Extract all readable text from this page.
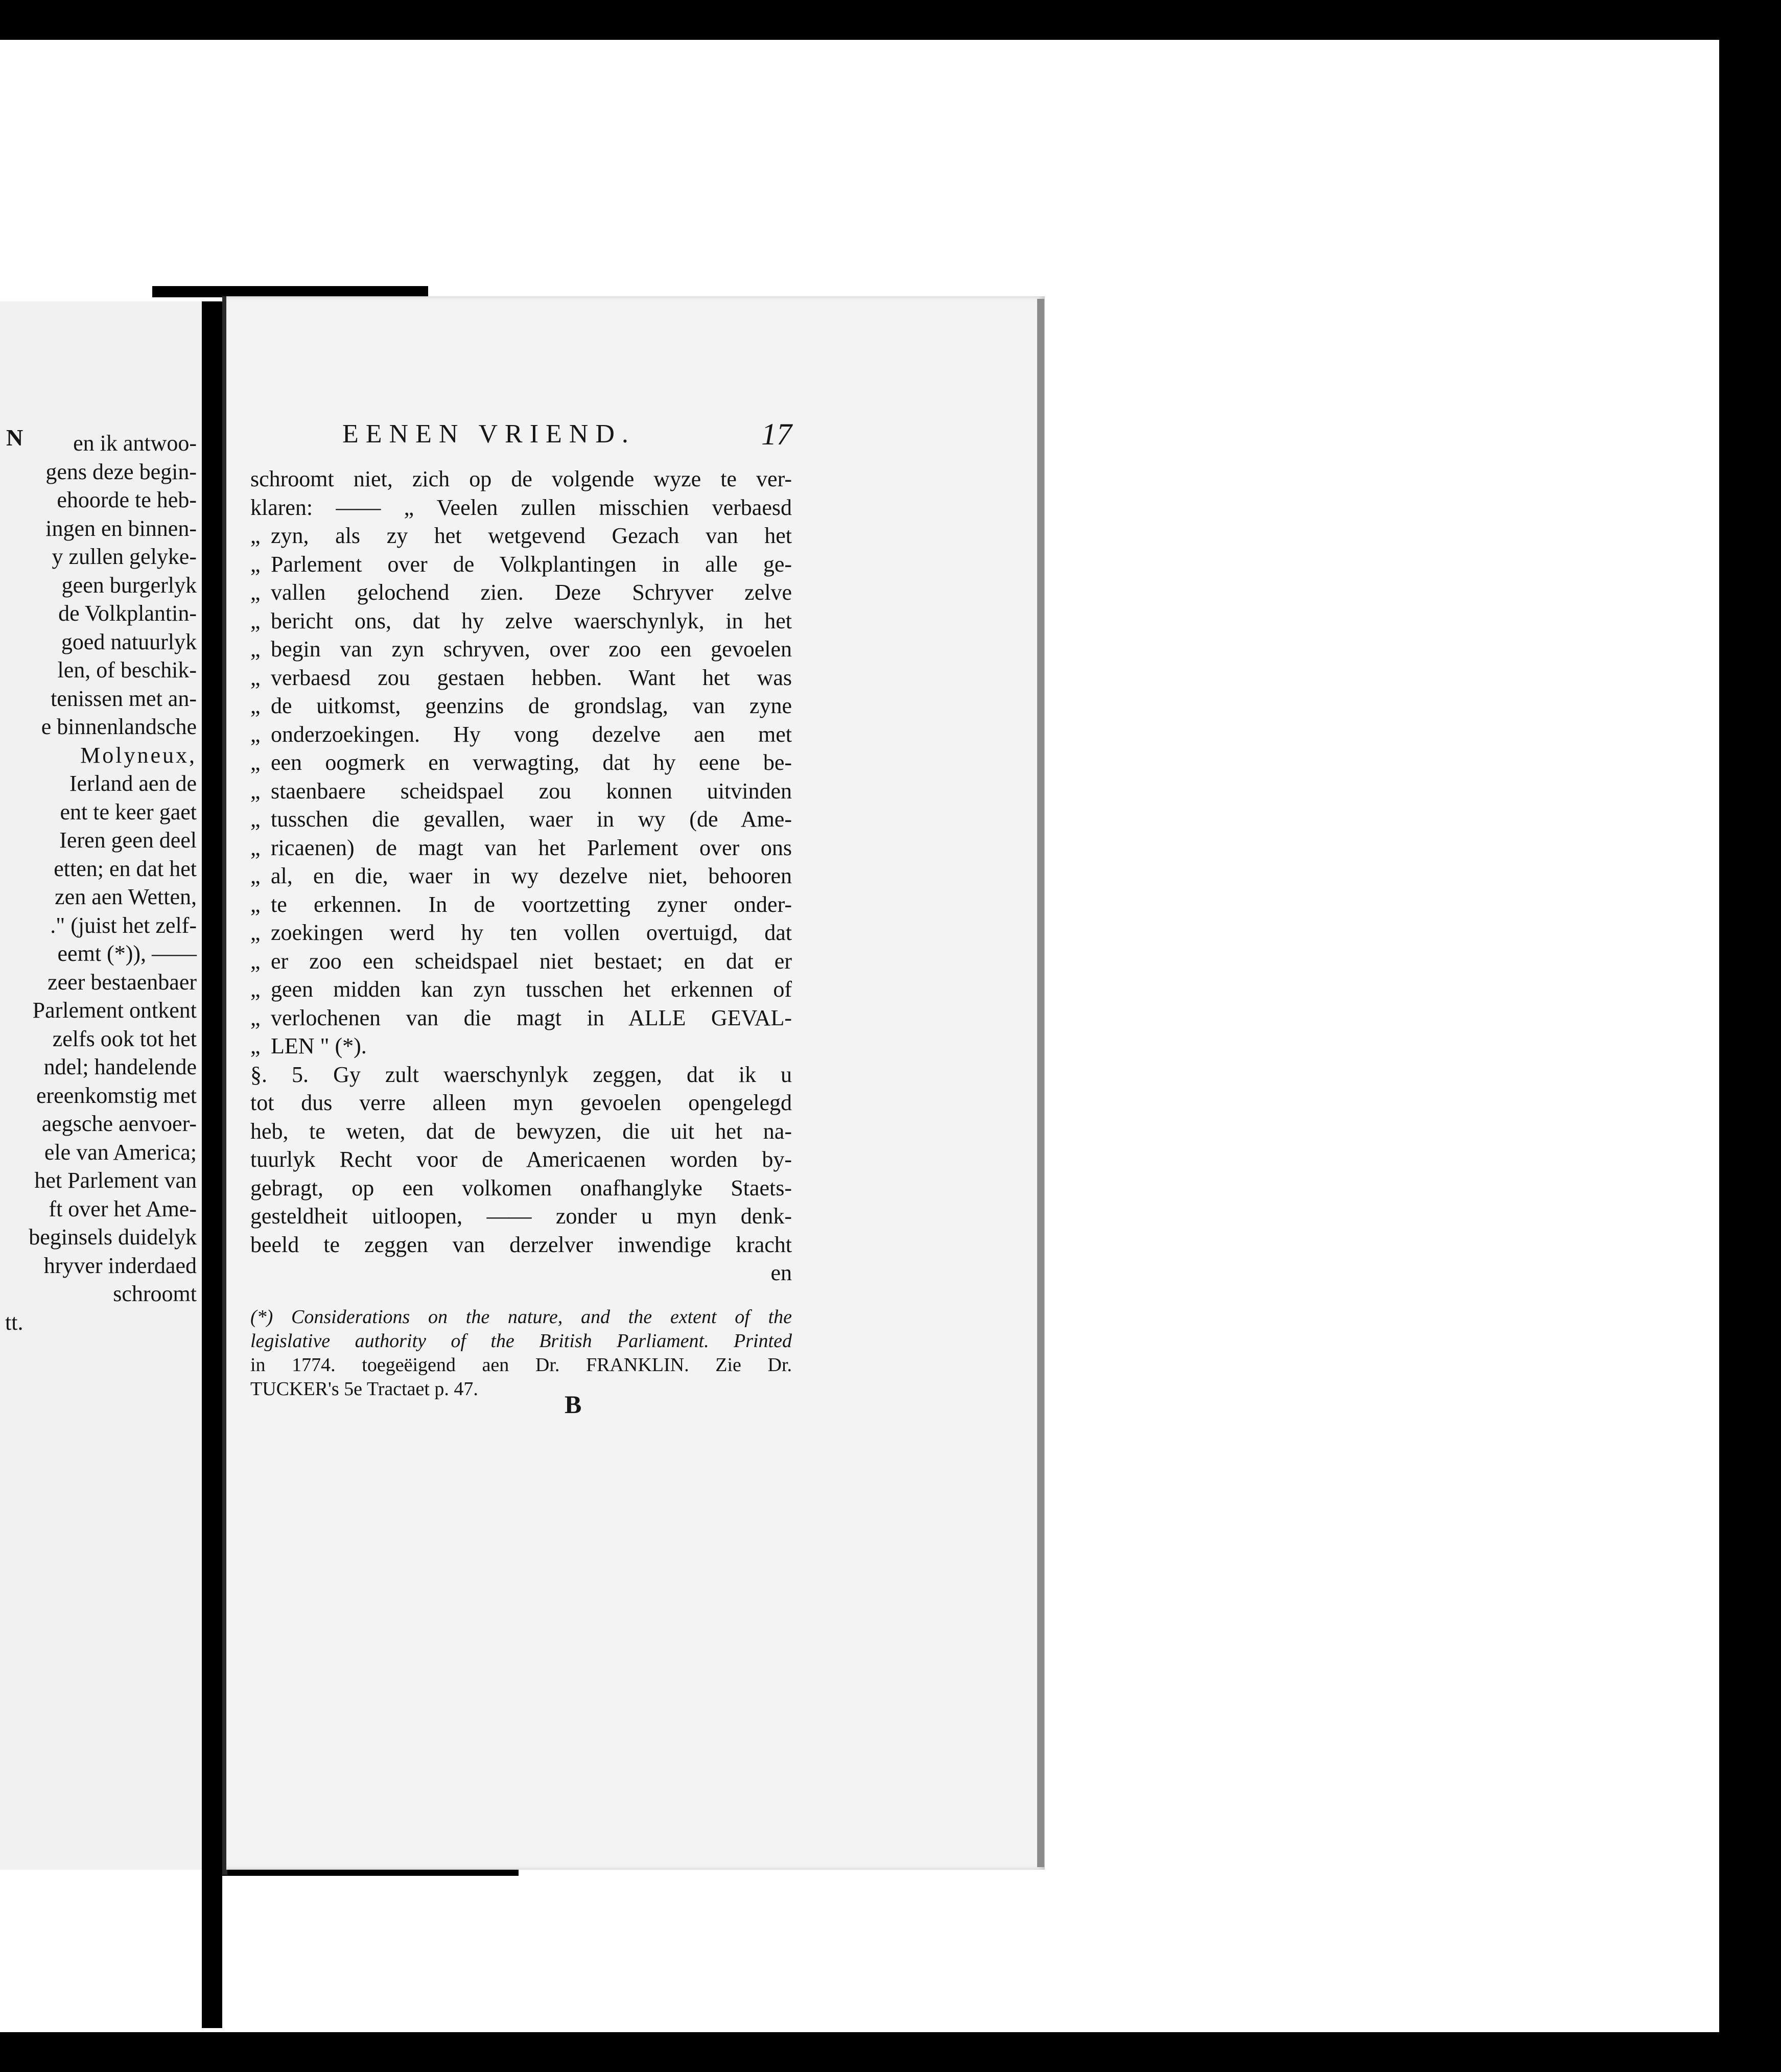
N	en ik antwoo-
gens deze begin-
ehoorde te heb-
ingen en binnen-
y zullen gelyke-
geen burgerlyk
de Volkplantin-
goed natuurlyk
len, of beschik-
tenissen met an-
e binnenlandsche
Molyneux,
Ierland aen de
ent te keer gaet
Ieren geen deel
etten; en dat het
zen aen Wetten,
." (juist het zelf-
eemt (*)), ——
zeer bestaenbaer
Parlement ontkent
zelfs ook tot het
ndel; handelende
ereenkomstig met
aegsche aenvoer-
ele van America;
het Parlement van
ft over het Ame-
beginsels duidelyk
hryver inderdaed
schroomt
tt.
EENEN VRIEND.	17
schroomt niet, zich op de volgende wyze te ver-
klaren: —— „ Veelen zullen misschien verbaesd
„ zyn, als zy het wetgevend Gezach van het
„ Parlement over de Volkplantingen in alle ge-
„ vallen gelochend zien. Deze Schryver zelve
„ bericht ons, dat hy zelve waerschynlyk, in het
„ begin van zyn schryven, over zoo een gevoelen
„ verbaesd zou gestaen hebben. Want het was
„ de uitkomst, geenzins de grondslag, van zyne
„ onderzoekingen. Hy vong dezelve aen met
„ een oogmerk en verwagting, dat hy eene be-
„ staenbaere scheidspael zou konnen uitvinden
„ tusschen die gevallen, waer in wy (de Ame-
„ ricaenen) de magt van het Parlement over ons
„ al, en die, waer in wy dezelve niet, behooren
„ te erkennen. In de voortzetting zyner onder-
„ zoekingen werd hy ten vollen overtuigd, dat
„ er zoo een scheidspael niet bestaet; en dat er
„ geen midden kan zyn tusschen het erkennen of
„ verlochenen van die magt in ALLE GEVAL-
„ LEN " (*).
§. 5. Gy zult waerschynlyk zeggen, dat ik u
tot dus verre alleen myn gevoelen opengelegd
heb, te weten, dat de bewyzen, die uit het na-
tuurlyk Recht voor de Americaenen worden by-
gebragt, op een volkomen onafhanglyke Staets-
gesteldheit uitloopen, —— zonder u myn denk-
beeld te zeggen van derzelver inwendige kracht
en
(*) Considerations on the nature, and the extent of the
legislative authority of the British Parliament. Printed
in 1774. toegeëigend aen Dr. FRANKLIN. Zie Dr.
TUCKER's 5e Tractaet p. 47.
B
